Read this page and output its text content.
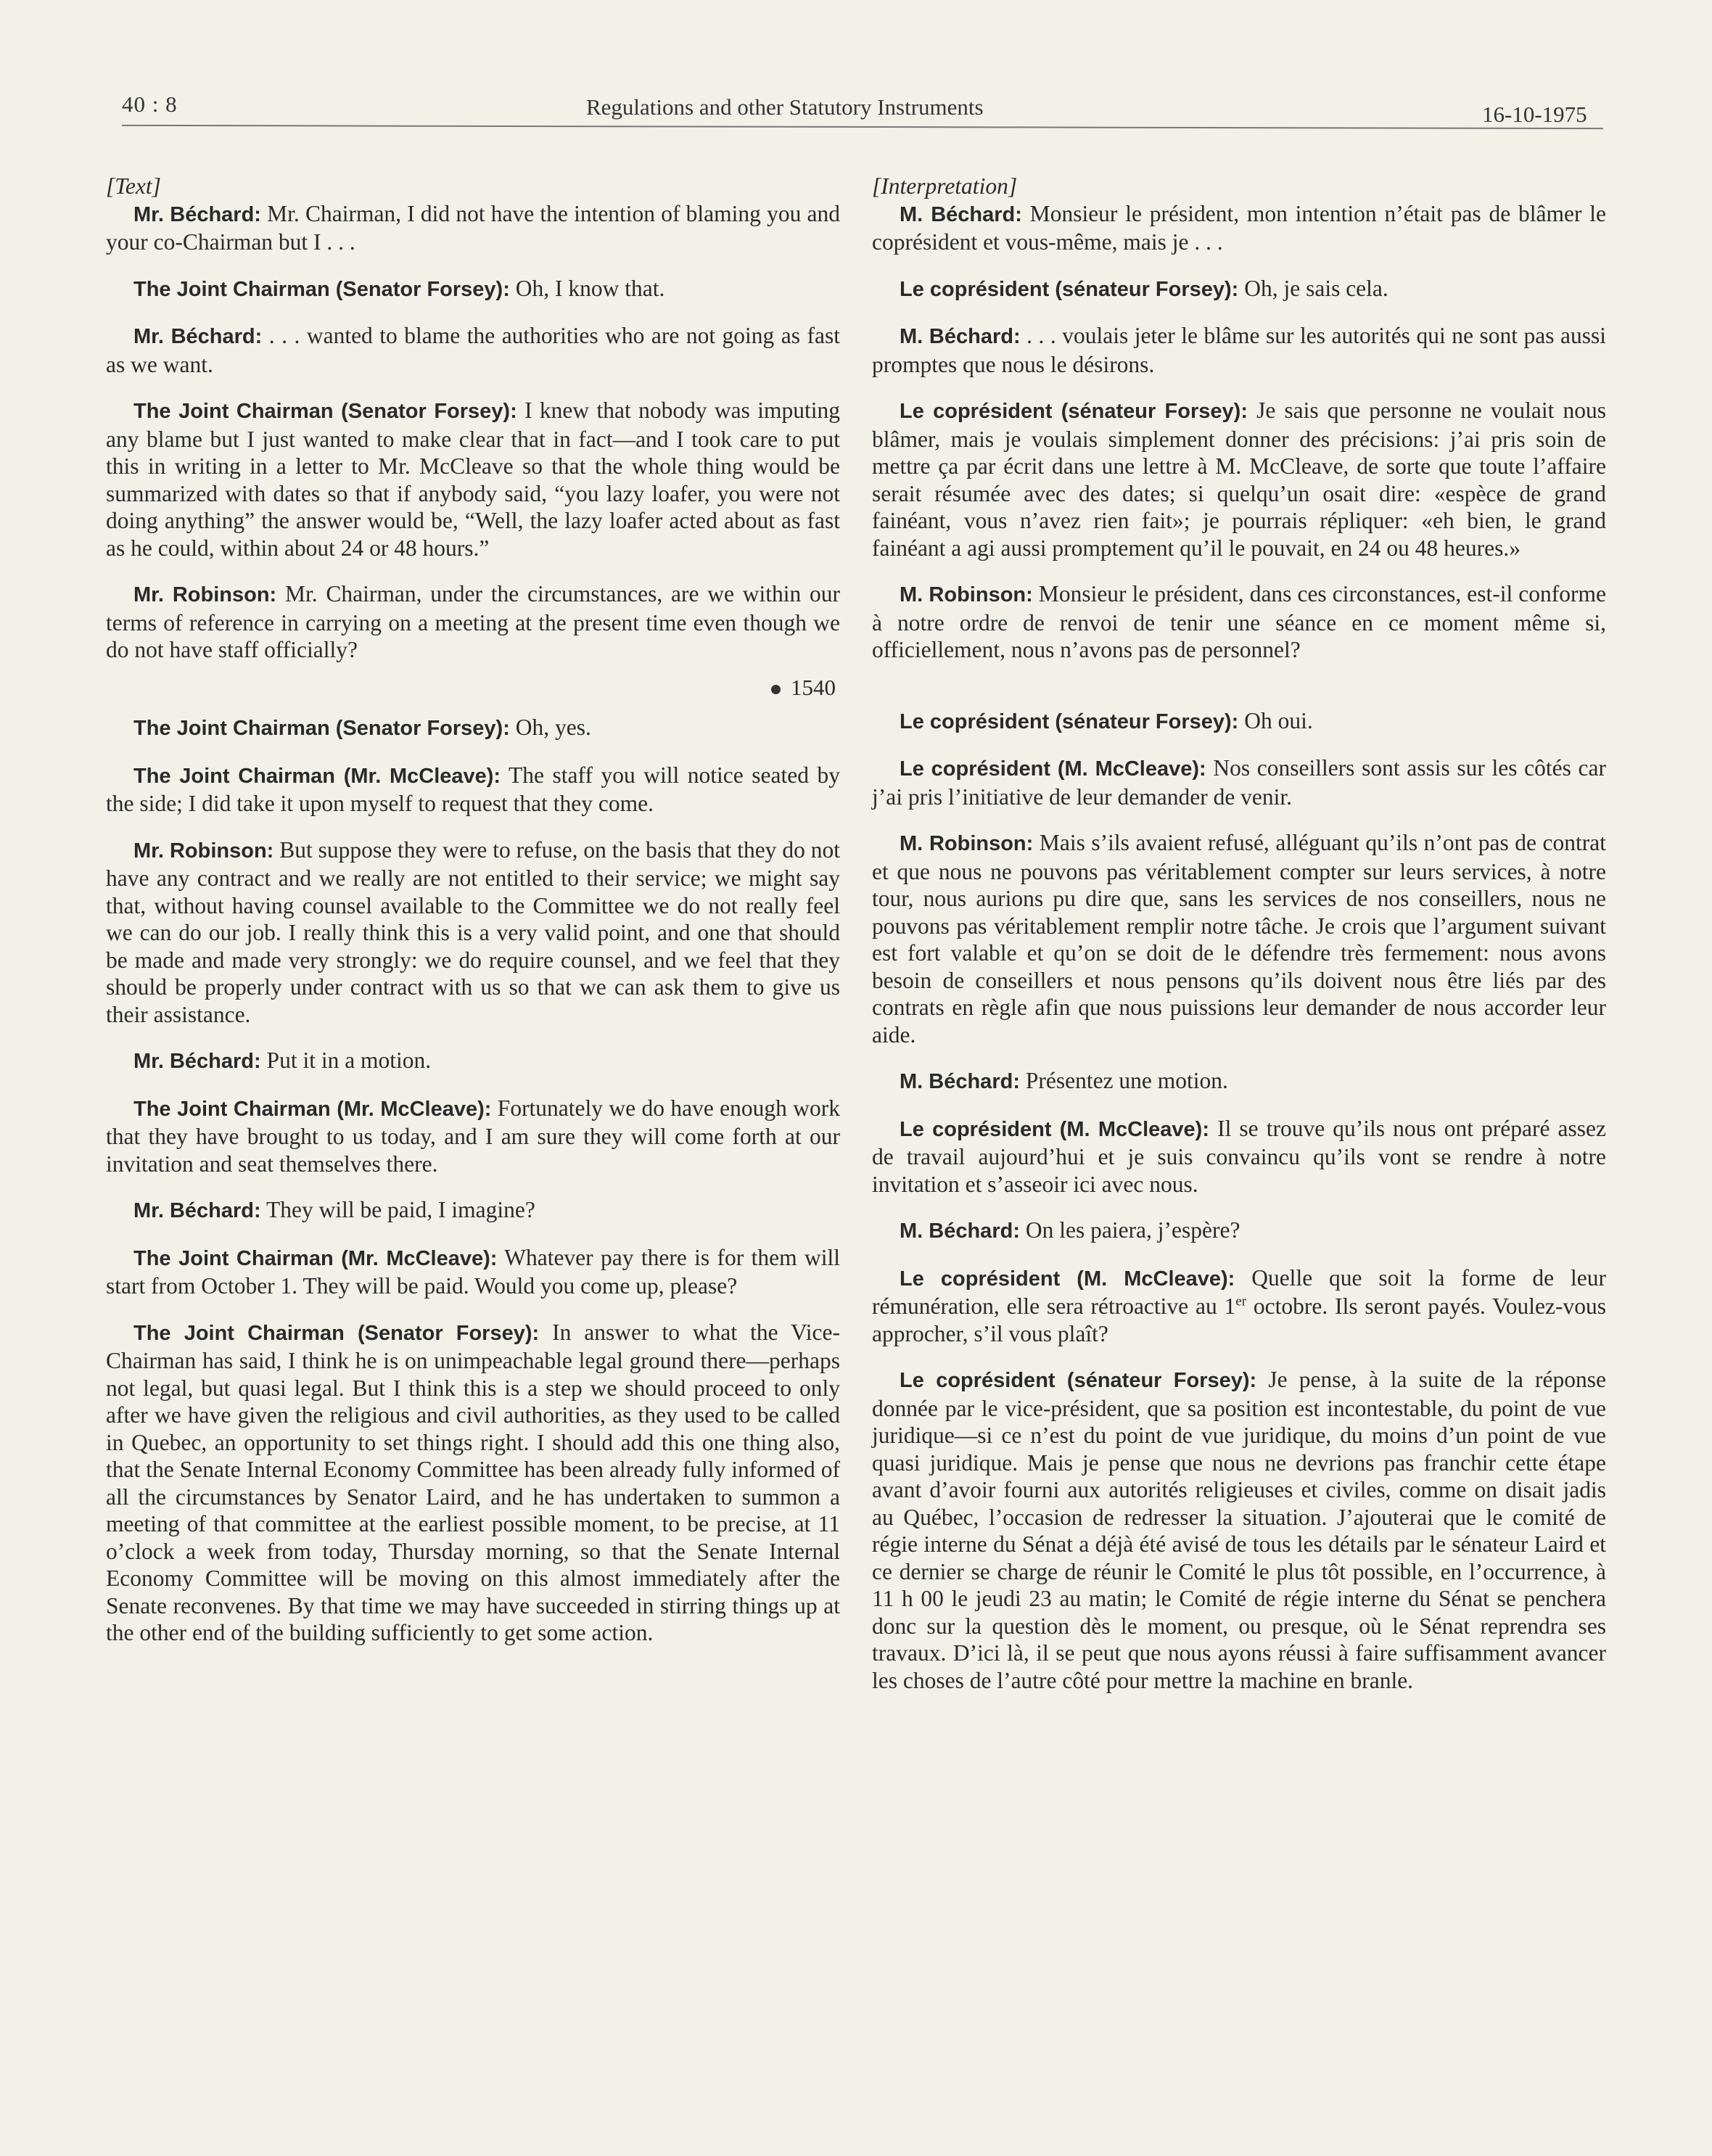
40 : 8	Regulations and other Statutory Instruments	16-10-1975

[Text]

Mr. Béchard: Mr. Chairman, I did not have the intention of blaming you and your co-Chairman but I . . .

The Joint Chairman (Senator Forsey): Oh, I know that.

Mr. Béchard: . . . wanted to blame the authorities who are not going as fast as we want.

The Joint Chairman (Senator Forsey): I knew that nobody was imputing any blame but I just wanted to make clear that in fact—and I took care to put this in writing in a letter to Mr. McCleave so that the whole thing would be summarized with dates so that if anybody said, “you lazy loafer, you were not doing anything” the answer would be, “Well, the lazy loafer acted about as fast as he could, within about 24 or 48 hours.”

Mr. Robinson: Mr. Chairman, under the circumstances, are we within our terms of reference in carrying on a meeting at the present time even though we do not have staff officially?

1540

The Joint Chairman (Senator Forsey): Oh, yes.

The Joint Chairman (Mr. McCleave): The staff you will notice seated by the side; I did take it upon myself to request that they come.

Mr. Robinson: But suppose they were to refuse, on the basis that they do not have any contract and we really are not entitled to their service; we might say that, without having counsel available to the Committee we do not really feel we can do our job. I really think this is a very valid point, and one that should be made and made very strongly: we do require counsel, and we feel that they should be properly under contract with us so that we can ask them to give us their assistance.

Mr. Béchard: Put it in a motion.

The Joint Chairman (Mr. McCleave): Fortunately we do have enough work that they have brought to us today, and I am sure they will come forth at our invitation and seat themselves there.

Mr. Béchard: They will be paid, I imagine?

The Joint Chairman (Mr. McCleave): Whatever pay there is for them will start from October 1. They will be paid. Would you come up, please?

The Joint Chairman (Senator Forsey): In answer to what the Vice-Chairman has said, I think he is on unimpeachable legal ground there—perhaps not legal, but quasi legal. But I think this is a step we should proceed to only after we have given the religious and civil authorities, as they used to be called in Quebec, an opportunity to set things right. I should add this one thing also, that the Senate Internal Economy Committee has been already fully informed of all the circumstances by Senator Laird, and he has undertaken to summon a meeting of that committee at the earliest possible moment, to be precise, at 11 o’clock a week from today, Thursday morning, so that the Senate Internal Economy Committee will be moving on this almost immediately after the Senate reconvenes. By that time we may have succeeded in stirring things up at the other end of the building sufficiently to get some action.

[Interpretation]

M. Béchard: Monsieur le président, mon intention n’était pas de blâmer le coprésident et vous-même, mais je . . .

Le coprésident (sénateur Forsey): Oh, je sais cela.

M. Béchard: . . . voulais jeter le blâme sur les autorités qui ne sont pas aussi promptes que nous le désirons.

Le coprésident (sénateur Forsey): Je sais que personne ne voulait nous blâmer, mais je voulais simplement donner des précisions: j’ai pris soin de mettre ça par écrit dans une lettre à M. McCleave, de sorte que toute l’affaire serait résumée avec des dates; si quelqu’un osait dire: «espèce de grand fainéant, vous n’avez rien fait»; je pourrais répliquer: «eh bien, le grand fainéant a agi aussi promptement qu’il le pouvait, en 24 ou 48 heures.»

M. Robinson: Monsieur le président, dans ces circonstances, est-il conforme à notre ordre de renvoi de tenir une séance en ce moment même si, officiellement, nous n’avons pas de personnel?

Le coprésident (sénateur Forsey): Oh oui.

Le coprésident (M. McCleave): Nos conseillers sont assis sur les côtés car j’ai pris l’initiative de leur demander de venir.

M. Robinson: Mais s’ils avaient refusé, alléguant qu’ils n’ont pas de contrat et que nous ne pouvons pas véritablement compter sur leurs services, à notre tour, nous aurions pu dire que, sans les services de nos conseillers, nous ne pouvons pas véritablement remplir notre tâche. Je crois que l’argument suivant est fort valable et qu’on se doit de le défendre très fermement: nous avons besoin de conseillers et nous pensons qu’ils doivent nous être liés par des contrats en règle afin que nous puissions leur demander de nous accorder leur aide.

M. Béchard: Présentez une motion.

Le coprésident (M. McCleave): Il se trouve qu’ils nous ont préparé assez de travail aujourd’hui et je suis convaincu qu’ils vont se rendre à notre invitation et s’asseoir ici avec nous.

M. Béchard: On les paiera, j’espère?

Le coprésident (M. McCleave): Quelle que soit la forme de leur rémunération, elle sera rétroactive au 1er octobre. Ils seront payés. Voulez-vous approcher, s’il vous plaît?

Le coprésident (sénateur Forsey): Je pense, à la suite de la réponse donnée par le vice-président, que sa position est incontestable, du point de vue juridique—si ce n’est du point de vue juridique, du moins d’un point de vue quasi juridique. Mais je pense que nous ne devrions pas franchir cette étape avant d’avoir fourni aux autorités religieuses et civiles, comme on disait jadis au Québec, l’occasion de redresser la situation. J’ajouterai que le comité de régie interne du Sénat a déjà été avisé de tous les détails par le sénateur Laird et ce dernier se charge de réunir le Comité le plus tôt possible, en l’occurrence, à 11 h 00 le jeudi 23 au matin; le Comité de régie interne du Sénat se penchera donc sur la question dès le moment, ou presque, où le Sénat reprendra ses travaux. D’ici là, il se peut que nous ayons réussi à faire suffisamment avancer les choses de l’autre côté pour mettre la machine en branle.
